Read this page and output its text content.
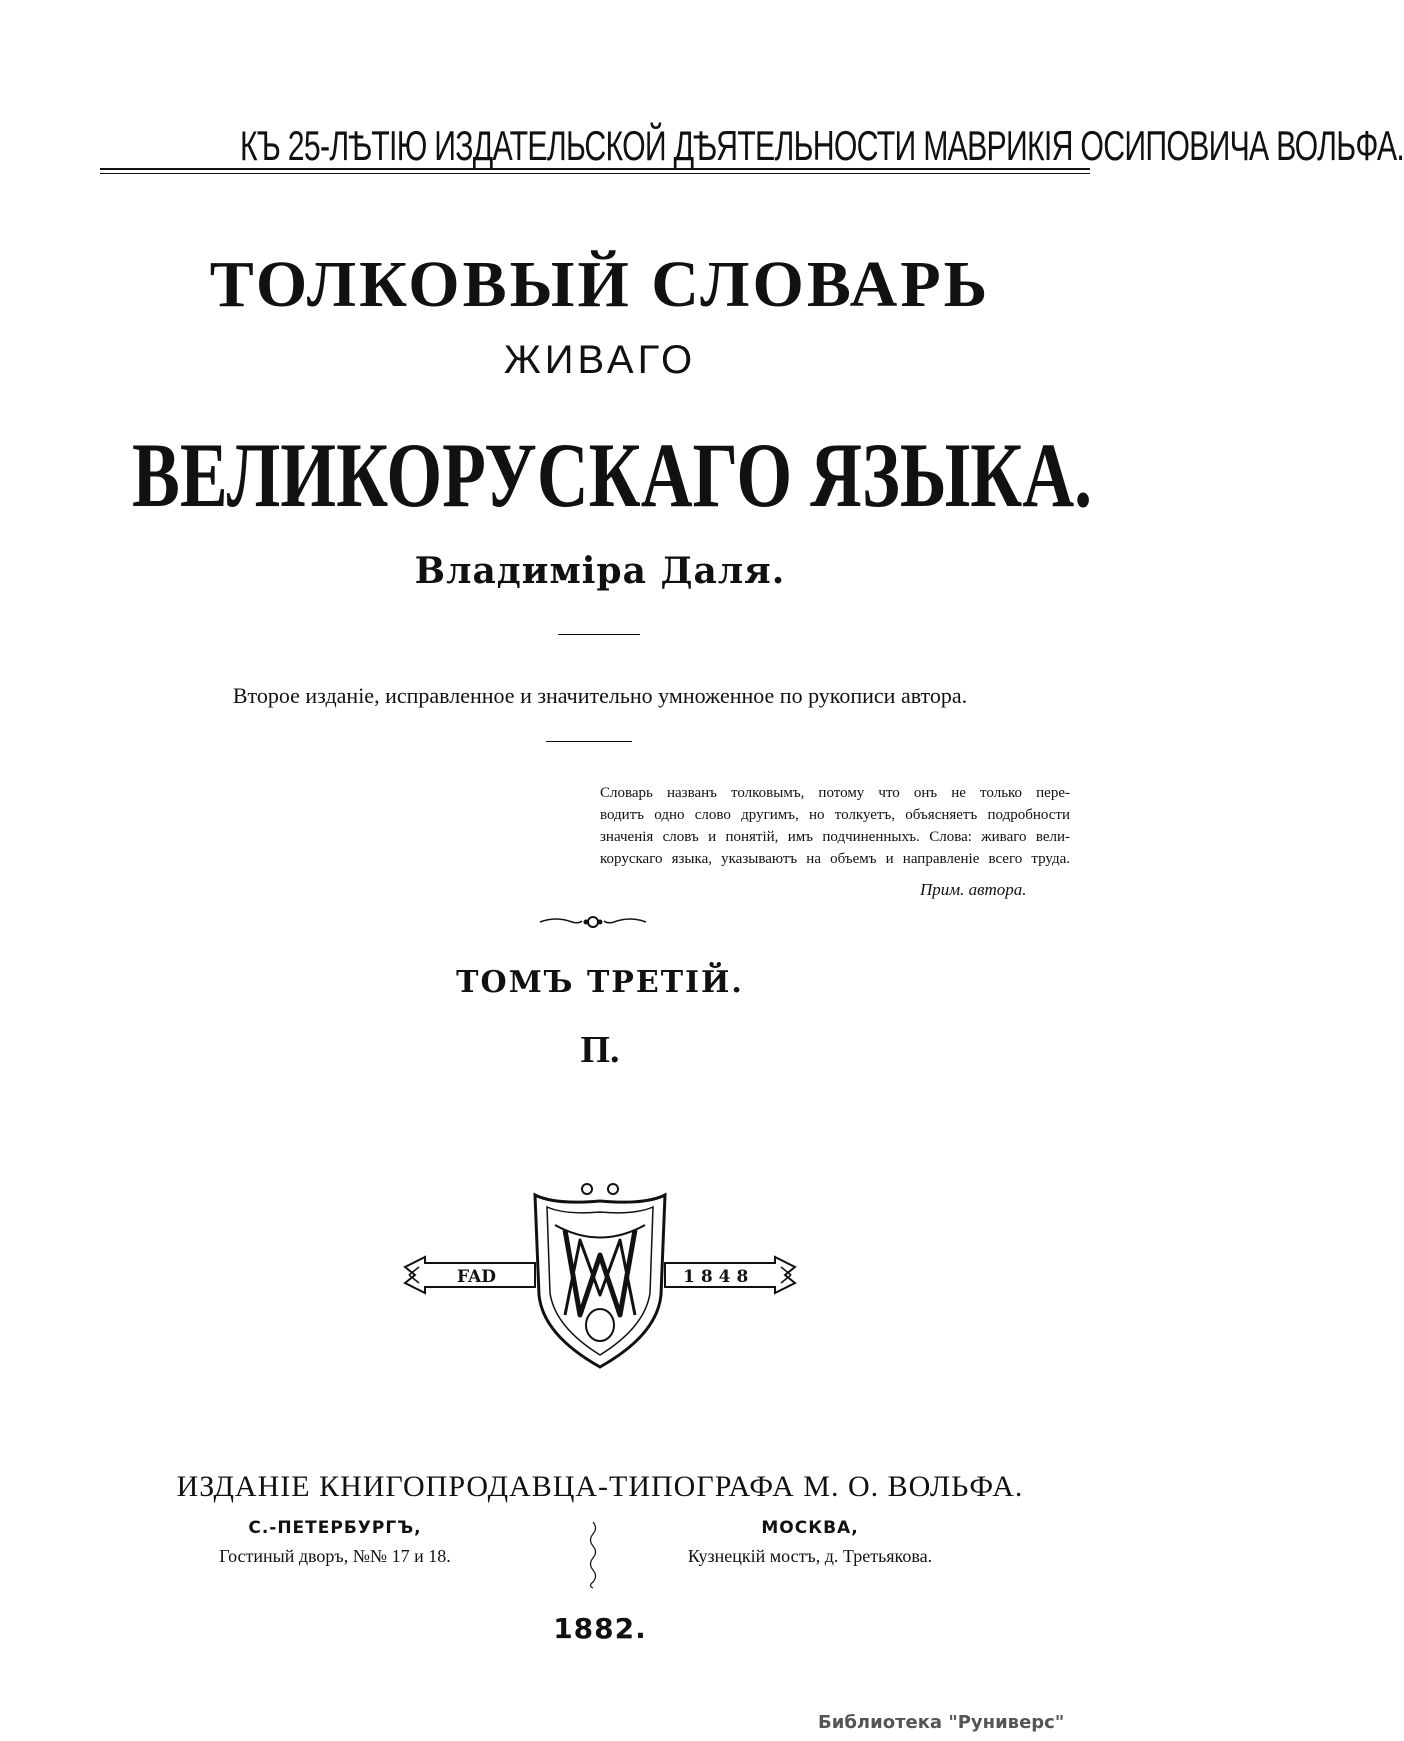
КЪ 25-ЛѢТІЮ ИЗДАТЕЛЬСКОЙ ДѢЯТЕЛЬНОСТИ МАВРИКІЯ ОСИПОВИЧА ВОЛЬФА.
ТОЛКОВЫЙ СЛОВАРЬ
ЖИВАГО
ВЕЛИКОРУСКАГО ЯЗЫКА.
Владиміра Даля.
Второе изданіе, исправленное и значительно умноженное по рукописи автора.

Словарь названъ толковымъ, потому что онъ не только пере-

водитъ одно слово другимъ, но толкуетъ, объясняетъ подробности

значенія словъ и понятій, имъ подчиненныхъ. Слова: живаго вели-

корускаго языка, указываютъ на объемъ и направленіе всего труда.

Прим. автора.
ТОМЪ ТРЕТІЙ.
П.
FAD	1848
ИЗДАНІЕ КНИГОПРОДАВЦА-ТИПОГРАФА М. О. ВОЛЬФА.
С.-ПЕТЕРБУРГЪ,
Гостиный дворъ, №№ 17 и 18.
МОСКВА,
Кузнецкій мостъ, д. Третьякова.
1882.
Библиотека "Руниверс"
